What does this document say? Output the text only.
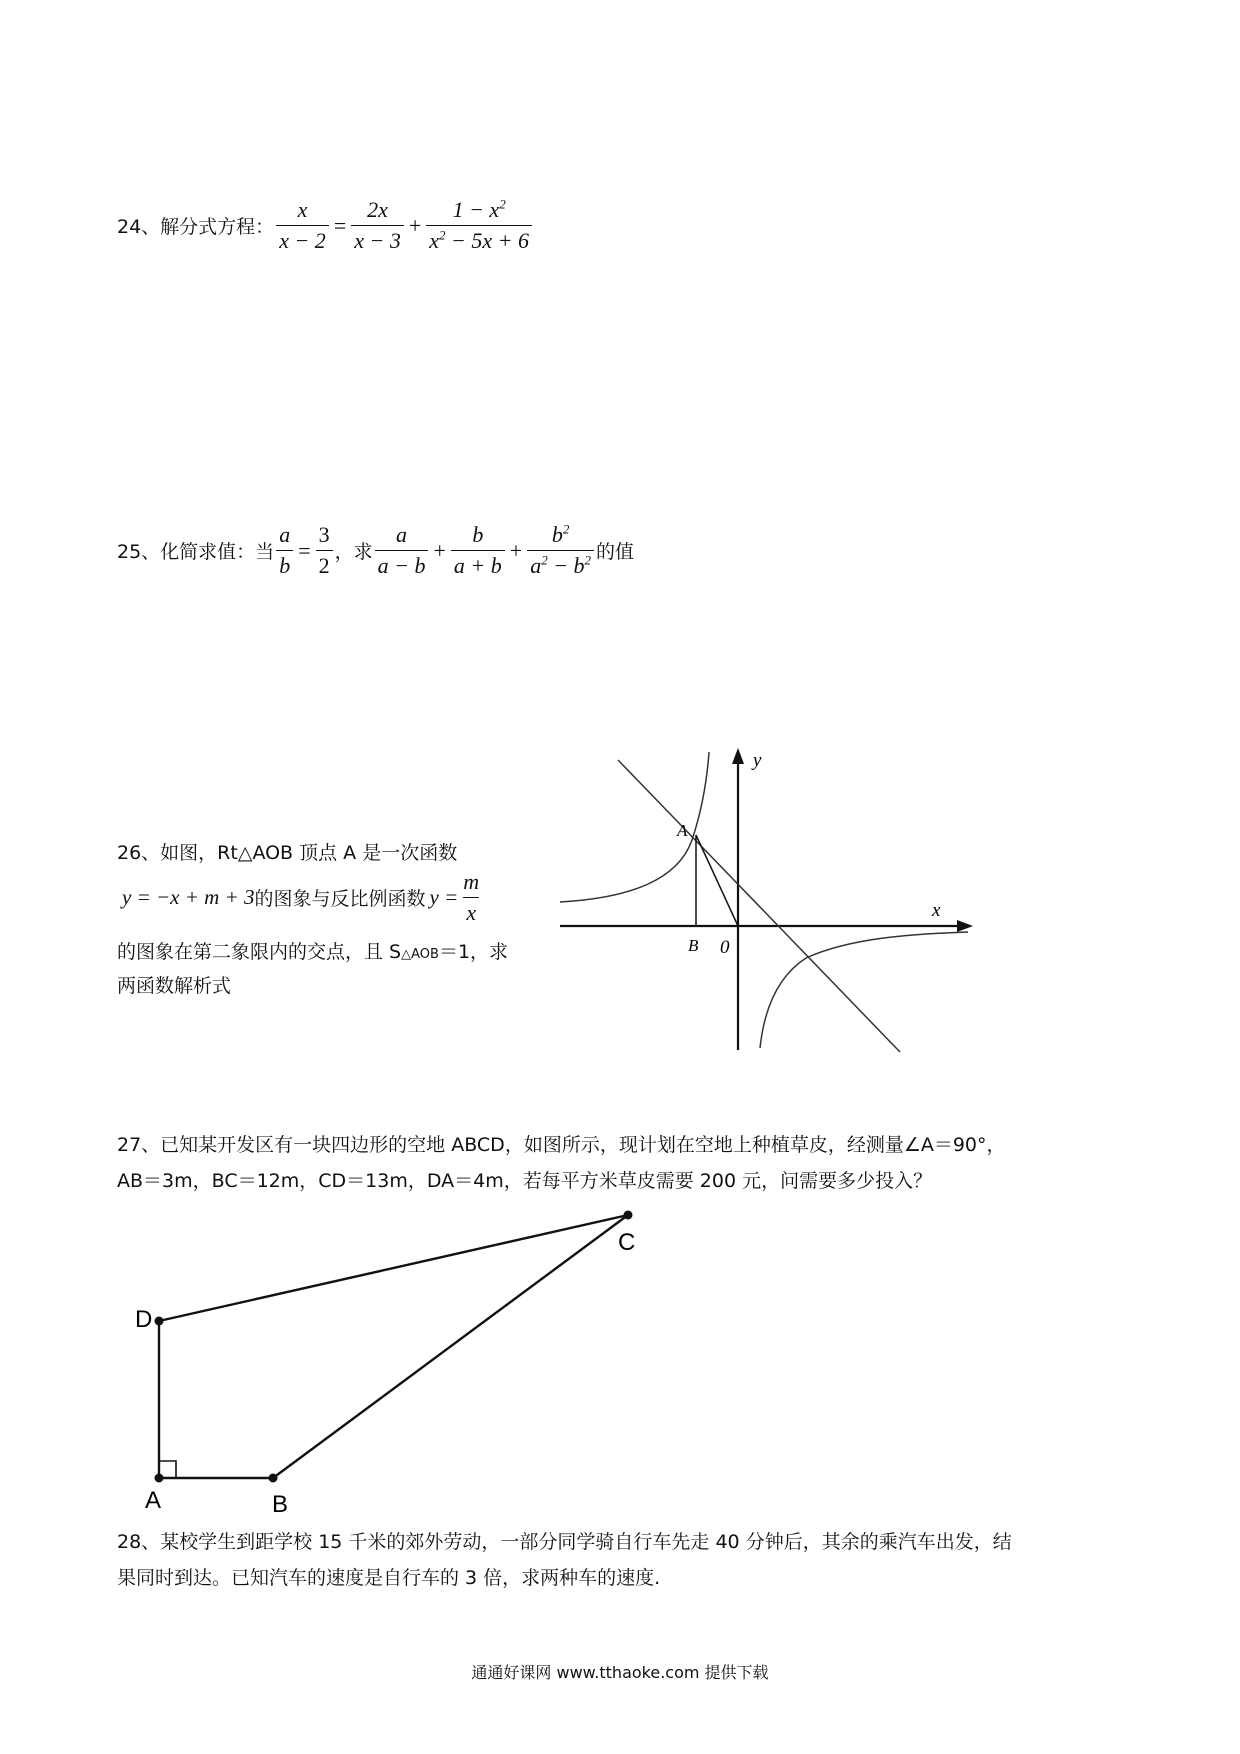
24、解分式方程： $\frac{x}{x - 2} = \frac{2x}{x - 3} + \frac{1 - x^2}{x^2 - 5x + 6}$
25、化简求值：当 $\frac{a}{b} = \frac{3}{2}$ ，求 $\frac{a}{a - b} + \frac{b}{a + b} + \frac{b^2}{a^2 - b^2}$ 的值
26、如图，Rt△AOB 顶点 A 是一次函数
y = −x + m + 3 的图象与反比例函数 $y = \frac{m}{x}$
的图象在第二象限内的交点，且 S△AOB＝1，求
两函数解析式
y
x
A
B 0
27、已知某开发区有一块四边形的空地 ABCD，如图所示，现计划在空地上种植草皮，经测量∠A＝90°，
AB＝3m，BC＝12m，CD＝13m，DA＝4m，若每平方米草皮需要 200 元，问需要多少投入？
D
A	B
C
28、某校学生到距学校 15 千米的郊外劳动，一部分同学骑自行车先走 40 分钟后，其余的乘汽车出发，结
果同时到达。已知汽车的速度是自行车的 3 倍，求两种车的速度.
通通好课网 www.tthaoke.com 提供下载
